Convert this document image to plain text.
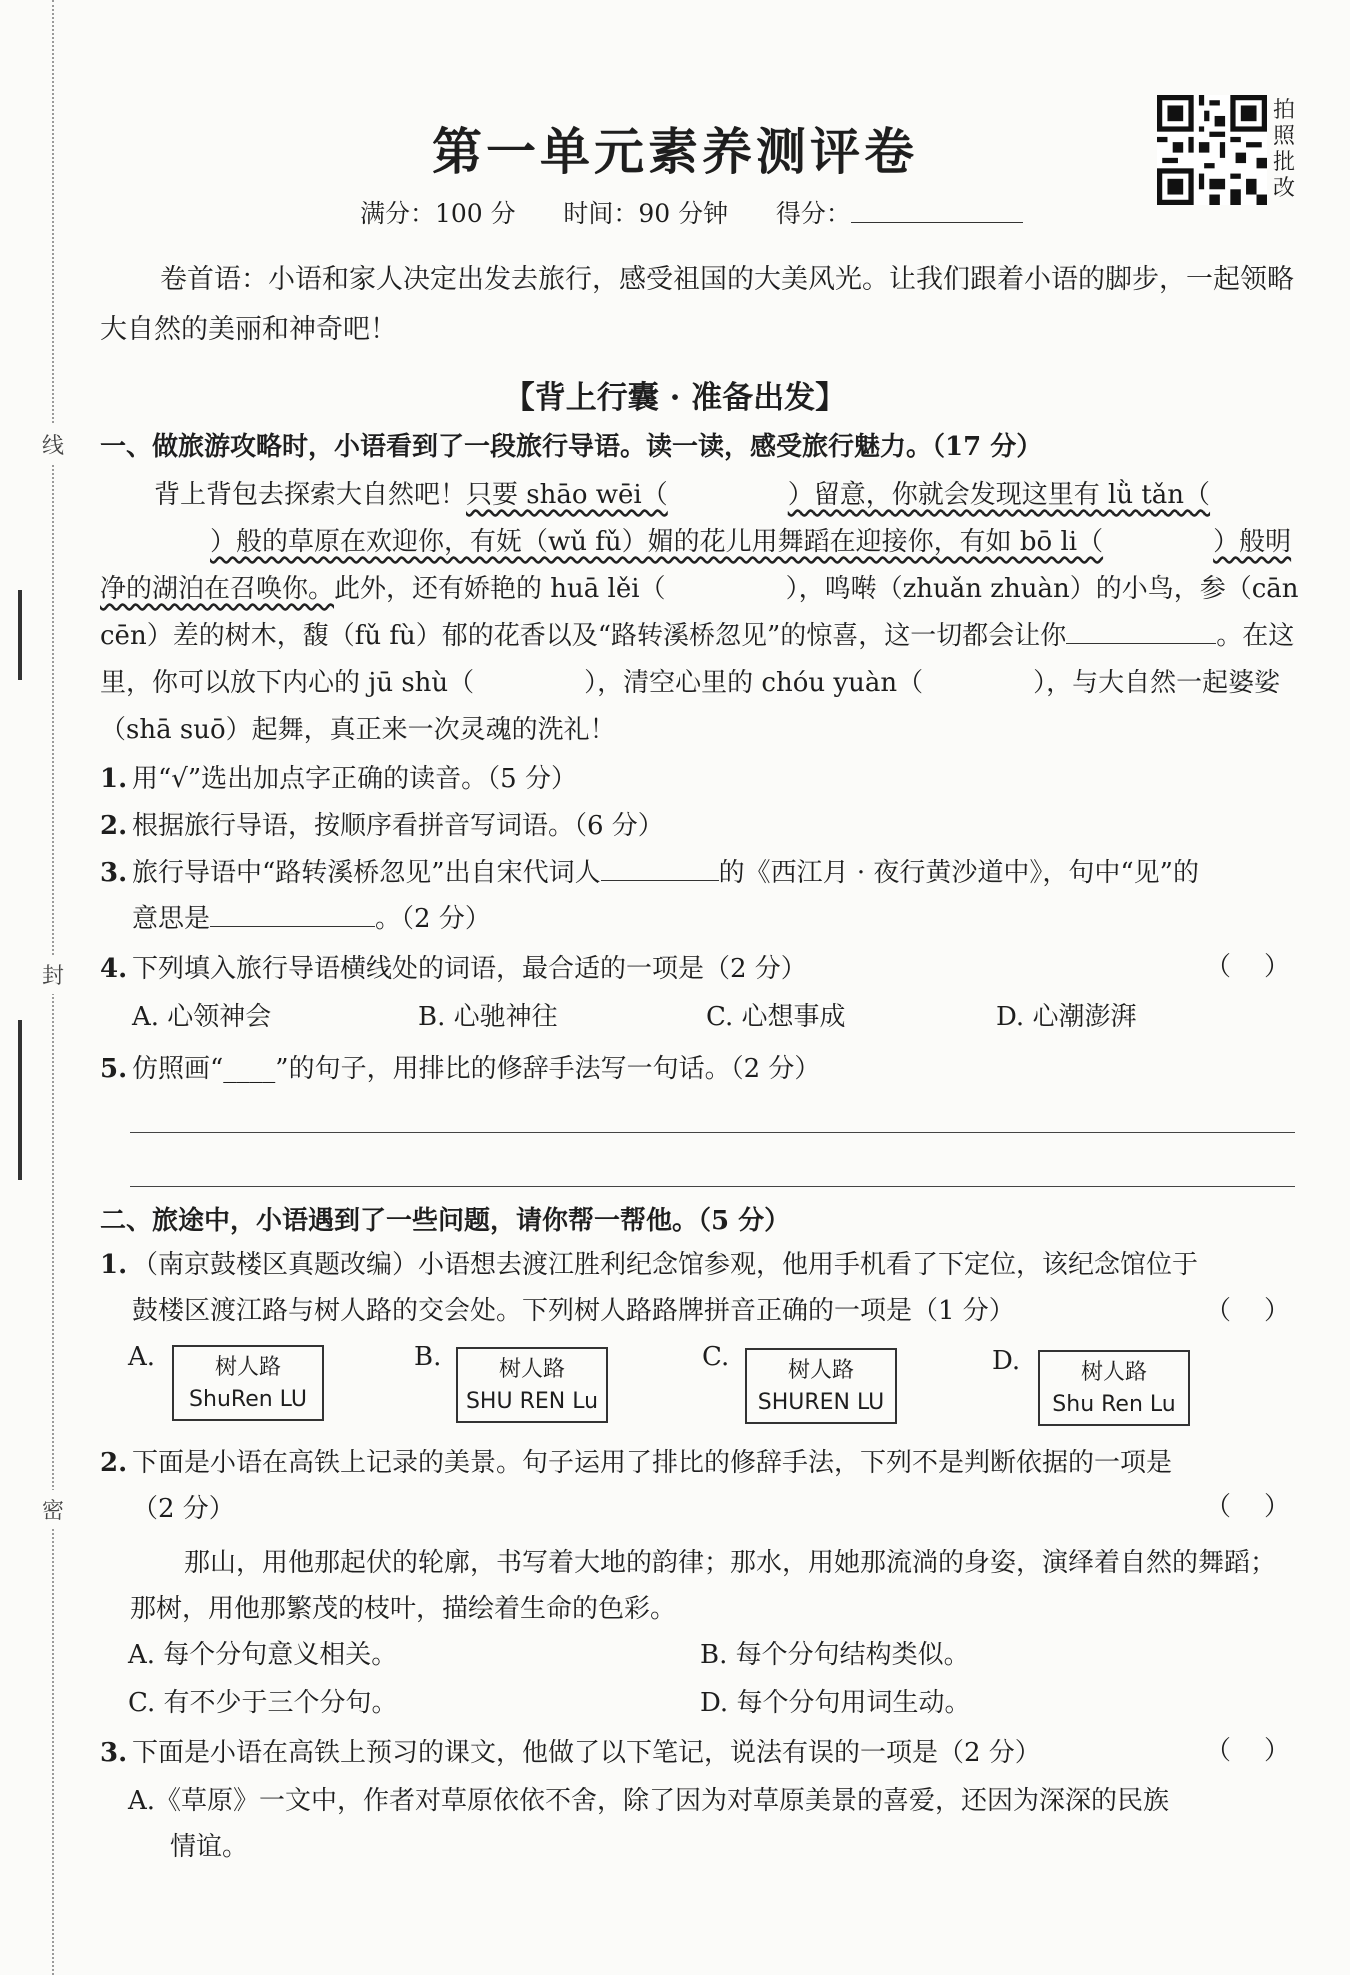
线
封
密
第一单元素养测评卷
拍照批改
满分：100 分
时间：90 分钟
得分：
卷首语：小语和家人决定出发去旅行，感受祖国的大美风光。让我们跟着小语的脚步，一起领略大自然的美丽和神奇吧！
【背上行囊 · 准备出发】
一、做旅游攻略时，小语看到了一段旅行导语。读一读，感受旅行魅力。（17 分）
背上背包去探索大自然吧！只要 shāo wēi（	）留意，你就会发现这里有 lǜ tǎn（）般的草原在欢迎你，有妩（wǔ fǔ）媚的花儿用舞蹈在迎接你，有如 bō li（	）般明净的湖泊在召唤你。此外，还有娇艳的 huā lěi（	），鸣啭（zhuǎn zhuàn）的小鸟，参（cān cēn）差的树木，馥（fǔ fù）郁的花香以及“路转溪桥忽见”的惊喜，这一切都会让你	。在这里，你可以放下内心的 jū shù（	），清空心里的 chóu yuàn（	），与大自然一起婆娑（shā suō）起舞，真正来一次灵魂的洗礼！
1. 用“√”选出加点字正确的读音。（5 分）
2. 根据旅行导语，按顺序看拼音写词语。（6 分）
3. 旅行导语中“路转溪桥忽见”出自宋代词人	的《西江月 · 夜行黄沙道中》，句中“见”的
意思是	。（2 分）
4. 下列填入旅行导语横线处的词语，最合适的一项是（2 分）	（    ）
A. 心领神会	B. 心驰神往	C. 心想事成	D. 心潮澎湃
5. 仿照画“____”的句子，用排比的修辞手法写一句话。（2 分）
二、旅途中，小语遇到了一些问题，请你帮一帮他。（5 分）
1. （南京鼓楼区真题改编）小语想去渡江胜利纪念馆参观，他用手机看了下定位，该纪念馆位于
鼓楼区渡江路与树人路的交会处。下列树人路路牌拼音正确的一项是（1 分）	（    ）
A.	树人路
ShuRen LU
B.	树人路
SHU REN Lu
C.	树人路
SHUREN LU
D.	树人路
Shu Ren Lu
2. 下面是小语在高铁上记录的美景。句子运用了排比的修辞手法，下列不是判断依据的一项是
（2 分）	（    ）
那山，用他那起伏的轮廓，书写着大地的韵律；那水，用她那流淌的身姿，演绎着自然的舞蹈；那树，用他那繁茂的枝叶，描绘着生命的色彩。
A. 每个分句意义相关。	B. 每个分句结构类似。
C. 有不少于三个分句。	D. 每个分句用词生动。
3. 下面是小语在高铁上预习的课文，他做了以下笔记，说法有误的一项是（2 分）	（    ）
A.《草原》一文中，作者对草原依依不舍，除了因为对草原美景的喜爱，还因为深深的民族
情谊。
